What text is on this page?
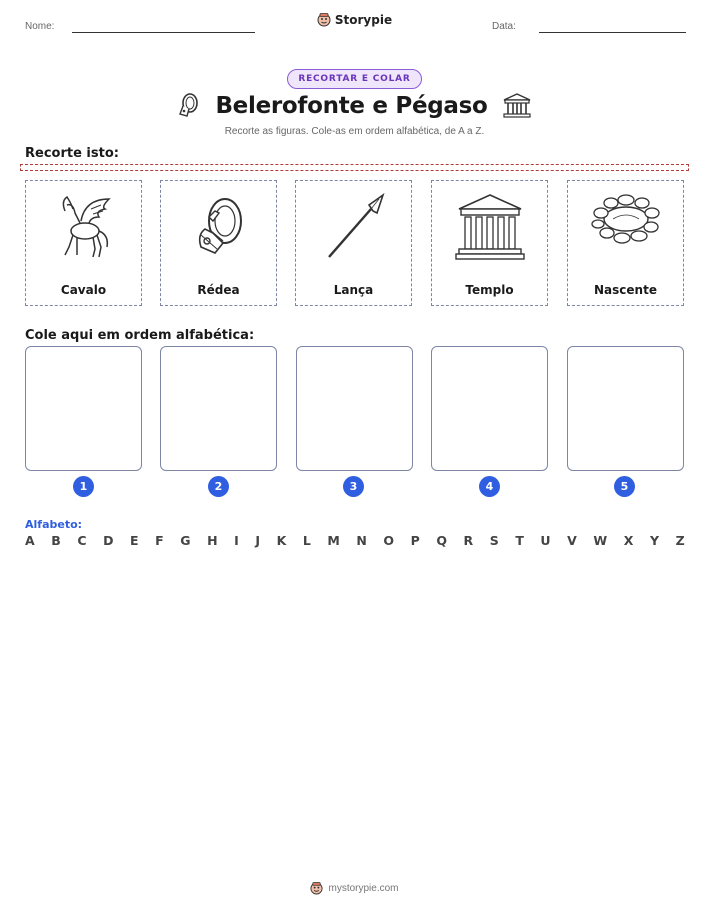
Nome:	Data:
Storypie
RECORTAR E COLAR
Belerofonte e Pégaso
Recorte as figuras. Cole-as em ordem alfabética, de A a Z.
Recorte isto:
Cavalo	Rédea	Lança	Templo	Nascente
Cole aqui em ordem alfabética:
1	2	3	4	5
Alfabeto:
A B C D E F G H I J K L M N O P Q R S T U V W X Y Z
mystorypie.com
